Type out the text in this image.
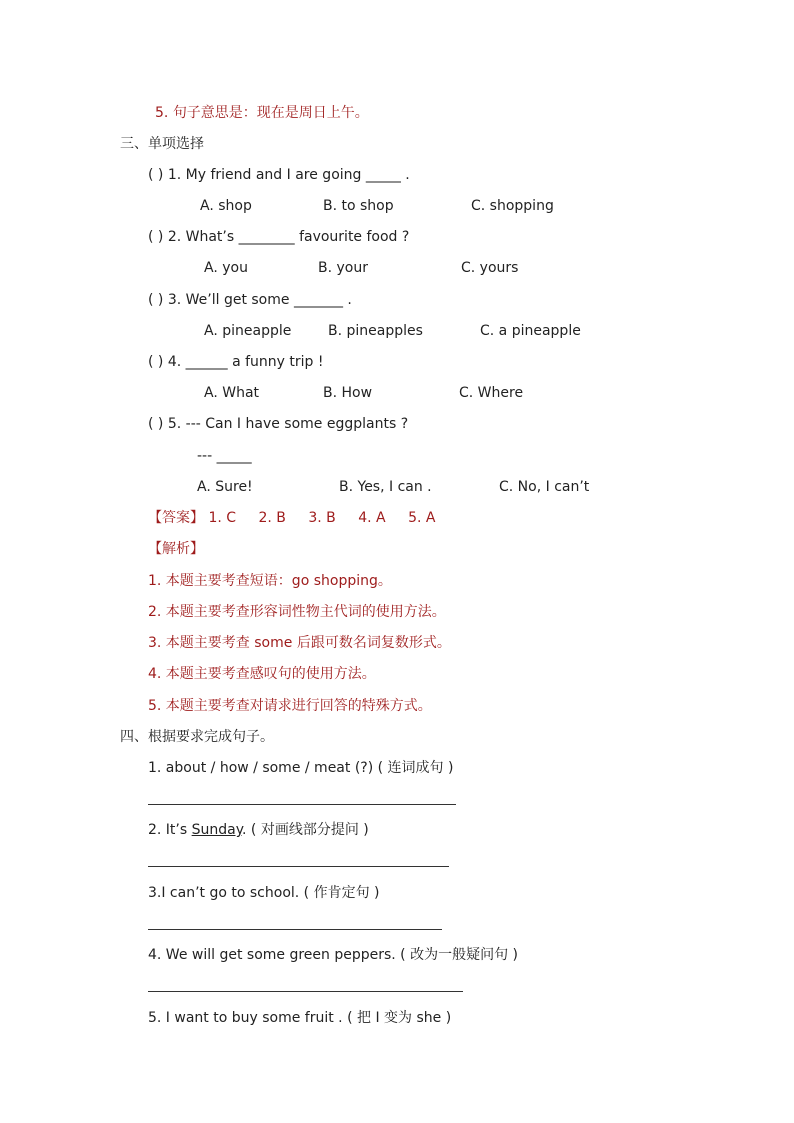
5. 句子意思是：现在是周日上午。
三、单项选择
( ) 1. My friend and I are going _____ .
A. shop	B. to shop	C. shopping
( ) 2. What’s ________ favourite food ?
A. you	B. your	C. yours
( ) 3. We’ll get some _______ .
A. pineapple	B. pineapples	C. a pineapple
( ) 4. ______ a funny trip !
A. What	B. How	C. Where
( ) 5. --- Can I have some eggplants ?
--- _____
A. Sure!	B. Yes, I can .	C. No, I can’t
【答案】 1. C 2. B 3. B 4. A 5. A
【解析】
1. 本题主要考查短语：go shopping。
2. 本题主要考查形容词性物主代词的使用方法。
3. 本题主要考查 some 后跟可数名词复数形式。
4. 本题主要考查感叹句的使用方法。
5. 本题主要考查对请求进行回答的特殊方式。
四、根据要求完成句子。
1. about / how / some / meat (?) ( 连词成句 )
2. It’s Sunday. ( 对画线部分提问 )
3.I can’t go to school. ( 作肯定句 )
4. We will get some green peppers. ( 改为一般疑问句 )
5. I want to buy some fruit . ( 把 I 变为 she )
